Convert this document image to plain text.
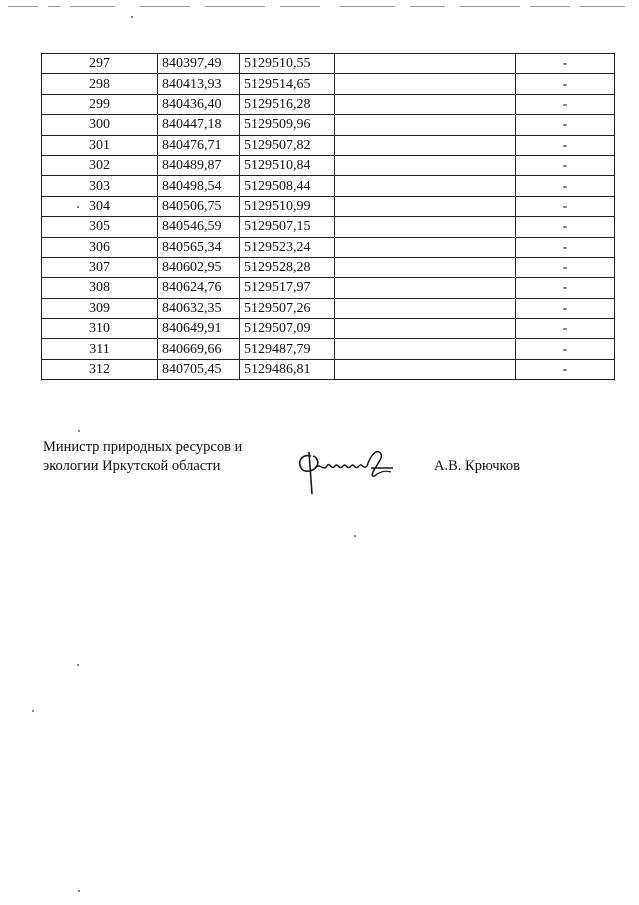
297	840397,49	5129510,55		-
298	840413,93	5129514,65		-
299	840436,40	5129516,28		-
300	840447,18	5129509,96		-
301	840476,71	5129507,82		-
302	840489,87	5129510,84		-
303	840498,54	5129508,44		-
304	840506,75	5129510,99		-
305	840546,59	5129507,15		-
306	840565,34	5129523,24		-
307	840602,95	5129528,28		-
308	840624,76	5129517,97		-
309	840632,35	5129507,26		-
310	840649,91	5129507,09		-
311	840669,66	5129487,79		-
312	840705,45	5129486,81		-
Министр природных ресурсов и
экологии Иркутской области	А.В. Крючков
